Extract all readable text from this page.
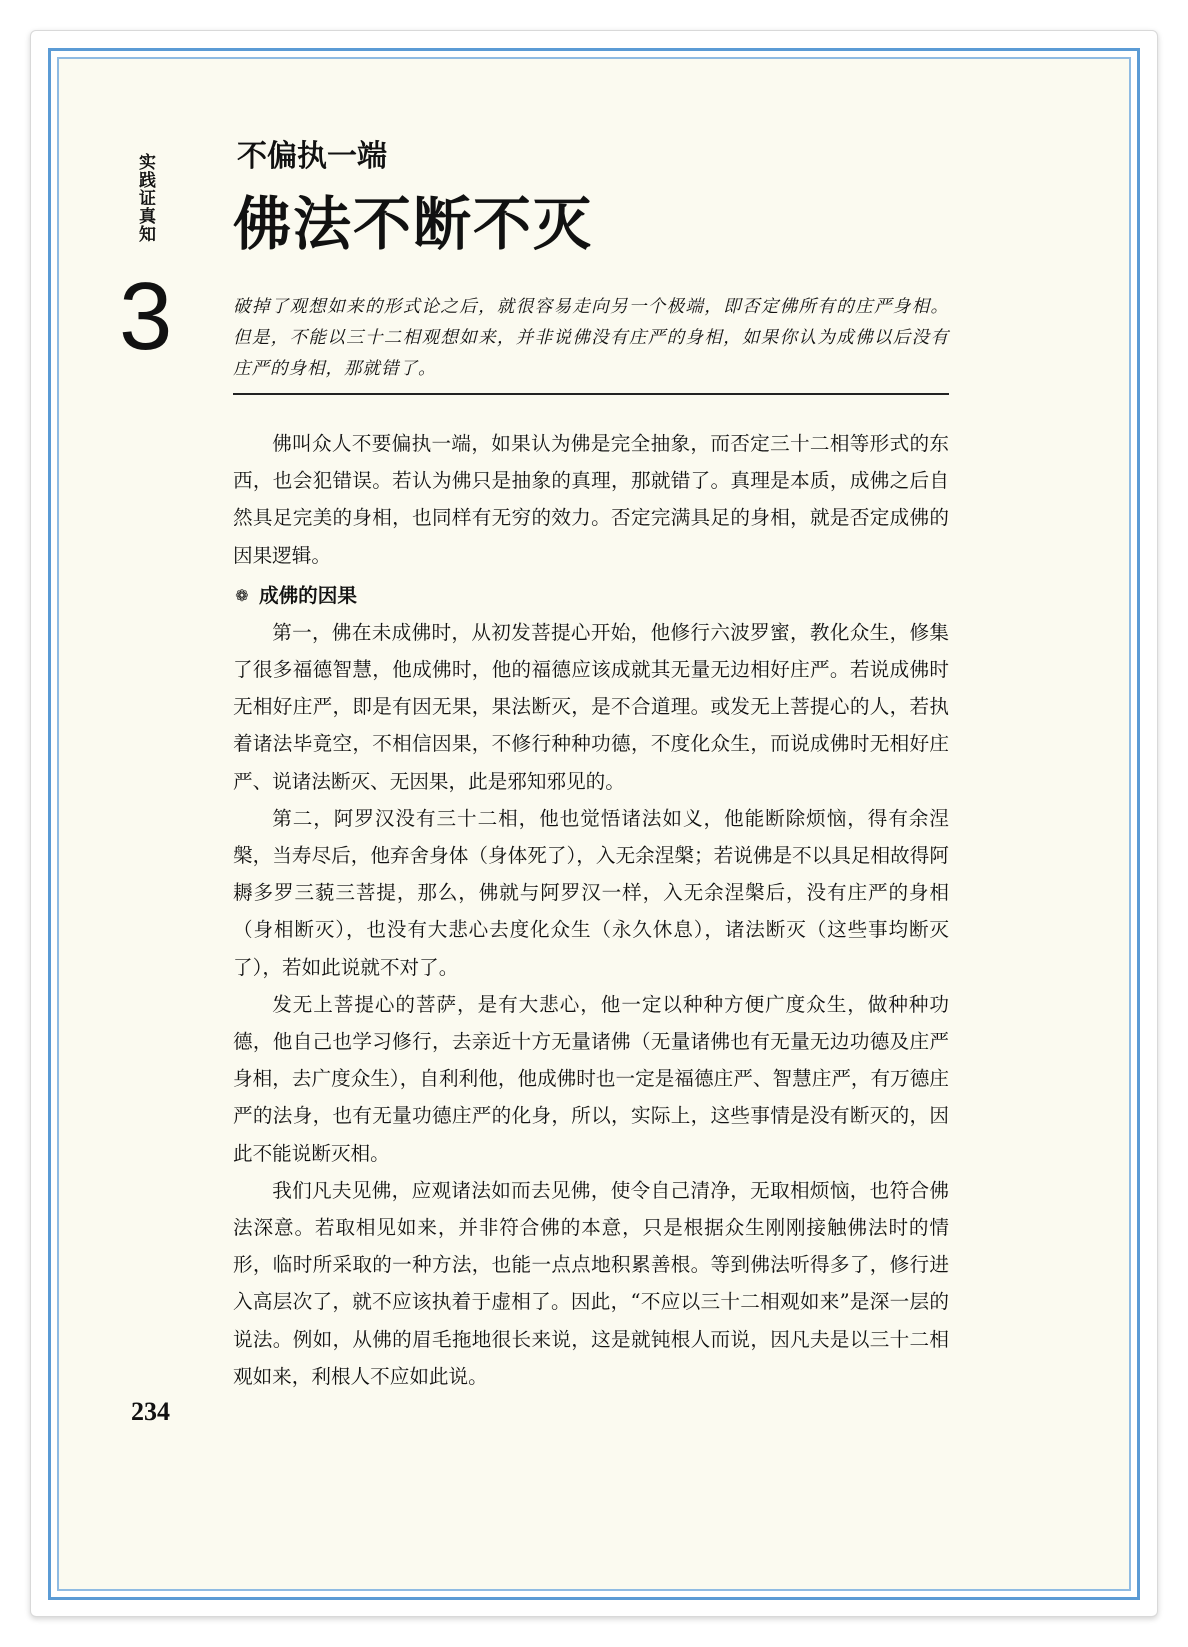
实践证真知
3
不偏执一端
佛法不断不灭
破掉了观想如来的形式论之后，就很容易走向另一个极端，即否定佛所有的庄严身相。但是，不能以三十二相观想如来，并非说佛没有庄严的身相，如果你认为成佛以后没有庄严的身相，那就错了。

佛叫众人不要偏执一端，如果认为佛是完全抽象，而否定三十二相等形式的东西，也会犯错误。若认为佛只是抽象的真理，那就错了。真理是本质，成佛之后自然具足完美的身相，也同样有无穷的效力。否定完满具足的身相，就是否定成佛的因果逻辑。

❁ 成佛的因果

第一，佛在未成佛时，从初发菩提心开始，他修行六波罗蜜，教化众生，修集了很多福德智慧，他成佛时，他的福德应该成就其无量无边相好庄严。若说成佛时无相好庄严，即是有因无果，果法断灭，是不合道理。或发无上菩提心的人，若执着诸法毕竟空，不相信因果，不修行种种功德，不度化众生，而说成佛时无相好庄严、说诸法断灭、无因果，此是邪知邪见的。

第二，阿罗汉没有三十二相，他也觉悟诸法如义，他能断除烦恼，得有余涅槃，当寿尽后，他弃舍身体（身体死了），入无余涅槃；若说佛是不以具足相故得阿耨多罗三藐三菩提，那么，佛就与阿罗汉一样，入无余涅槃后，没有庄严的身相（身相断灭），也没有大悲心去度化众生（永久休息），诸法断灭（这些事均断灭了），若如此说就不对了。

发无上菩提心的菩萨，是有大悲心，他一定以种种方便广度众生，做种种功德，他自己也学习修行，去亲近十方无量诸佛（无量诸佛也有无量无边功德及庄严身相，去广度众生），自利利他，他成佛时也一定是福德庄严、智慧庄严，有万德庄严的法身，也有无量功德庄严的化身，所以，实际上，这些事情是没有断灭的，因此不能说断灭相。

我们凡夫见佛，应观诸法如而去见佛，使令自己清净，无取相烦恼，也符合佛法深意。若取相见如来，并非符合佛的本意，只是根据众生刚刚接触佛法时的情形，临时所采取的一种方法，也能一点点地积累善根。等到佛法听得多了，修行进入高层次了，就不应该执着于虚相了。因此，“不应以三十二相观如来”是深一层的说法。例如，从佛的眉毛拖地很长来说，这是就钝根人而说，因凡夫是以三十二相观如来，利根人不应如此说。

234
